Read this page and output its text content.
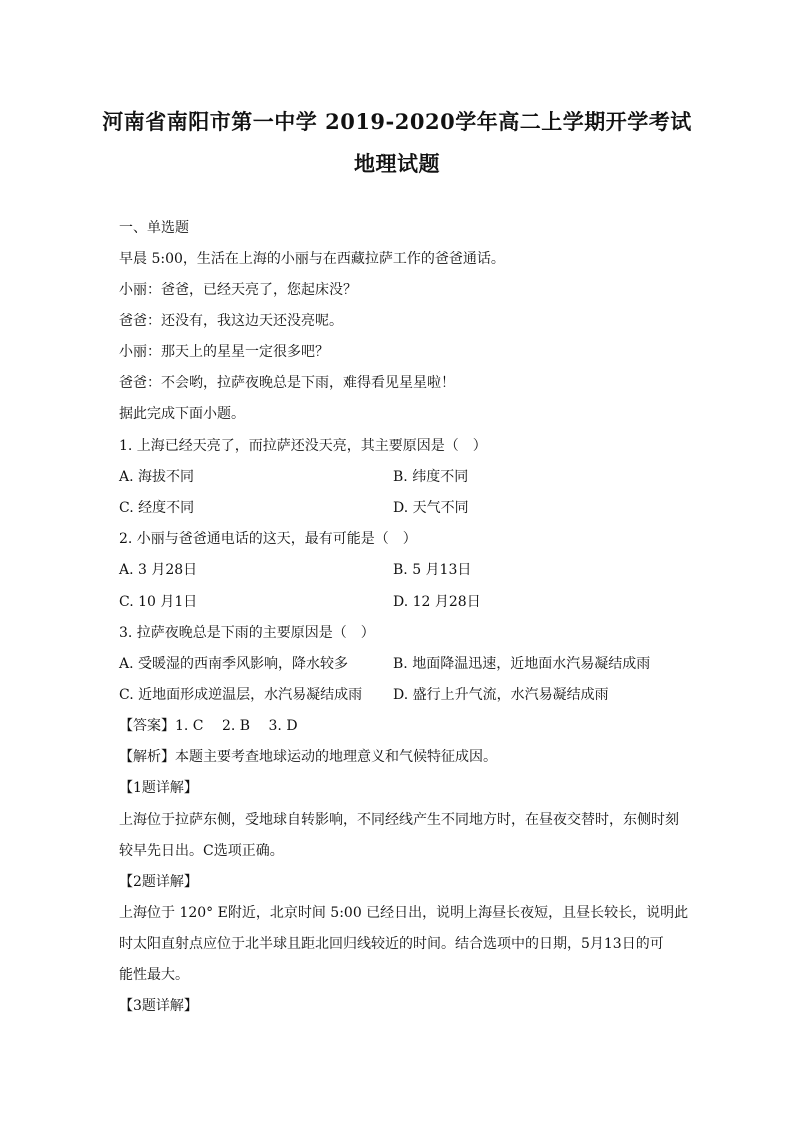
河南省南阳市第一中学 2019-2020学年高二上学期开学考试
地理试题
一、单选题
早晨 5:00，生活在上海的小丽与在西藏拉萨工作的爸爸通话。
小丽：爸爸，已经天亮了，您起床没？
爸爸：还没有，我这边天还没亮呢。
小丽：那天上的星星一定很多吧？
爸爸：不会哟，拉萨夜晚总是下雨，难得看见星星啦！
据此完成下面小题。
1. 上海已经天亮了，而拉萨还没天亮，其主要原因是（　）
A. 海拔不同	B. 纬度不同
C. 经度不同	D. 天气不同
2. 小丽与爸爸通电话的这天，最有可能是（　）
A. 3 月28日	B. 5 月13日
C. 10 月1日	D. 12 月28日
3. 拉萨夜晚总是下雨的主要原因是（　）
A. 受暖湿的西南季风影响，降水较多	B. 地面降温迅速，近地面水汽易凝结成雨
C. 近地面形成逆温层，水汽易凝结成雨 D. 盛行上升气流，水汽易凝结成雨
【答案】1. C　 2. B　 3. D
【解析】本题主要考查地球运动的地理意义和气候特征成因。
【1题详解】
上海位于拉萨东侧，受地球自转影响，不同经线产生不同地方时，在昼夜交替时，东侧时刻
较早先日出。C选项正确。
【2题详解】
上海位于 120° E附近，北京时间 5:00 已经日出，说明上海昼长夜短，且昼长较长，说明此
时太阳直射点应位于北半球且距北回归线较近的时间。结合选项中的日期，5月13日的可
能性最大。
【3题详解】
